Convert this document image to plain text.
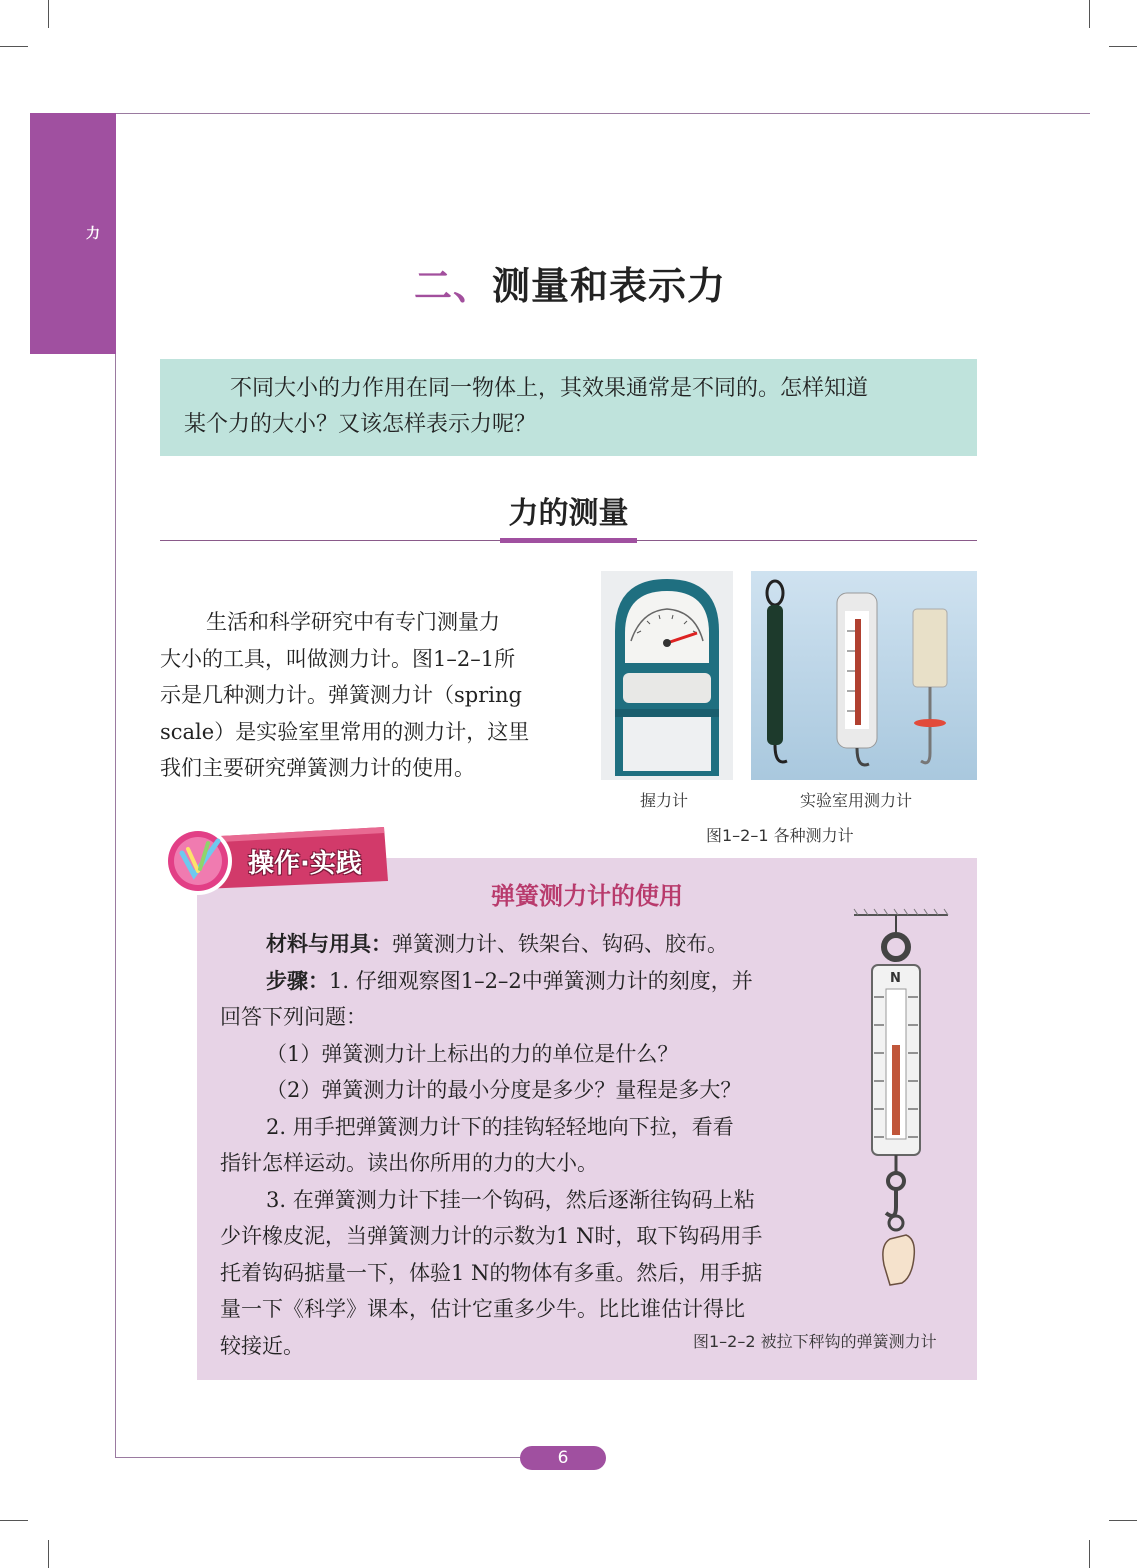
力
二、测量和表示力
不同大小的力作用在同一物体上，其效果通常是不同的。怎样知道
某个力的大小？又该怎样表示力呢？
力的测量
生活和科学研究中有专门测量力
大小的工具，叫做测力计。图1–2–1所
示是几种测力计。弹簧测力计（spring
scale）是实验室里常用的测力计，这里
我们主要研究弹簧测力计的使用。
握力计	实验室用测力计
图1–2–1 各种测力计
操作·实践
弹簧测力计的使用
材料与用具：弹簧测力计、铁架台、钩码、胶布。
步骤：1. 仔细观察图1–2–2中弹簧测力计的刻度，并
回答下列问题：
（1）弹簧测力计上标出的力的单位是什么？
（2）弹簧测力计的最小分度是多少？量程是多大？
2. 用手把弹簧测力计下的挂钩轻轻地向下拉，看看
指针怎样运动。读出你所用的力的大小。
3. 在弹簧测力计下挂一个钩码，然后逐渐往钩码上粘
少许橡皮泥，当弹簧测力计的示数为1 N时，取下钩码用手
托着钩码掂量一下，体验1 N的物体有多重。然后，用手掂
量一下《科学》课本，估计它重多少牛。比比谁估计得比
较接近。
N
图1–2–2 被拉下秤钩的弹簧测力计
6
